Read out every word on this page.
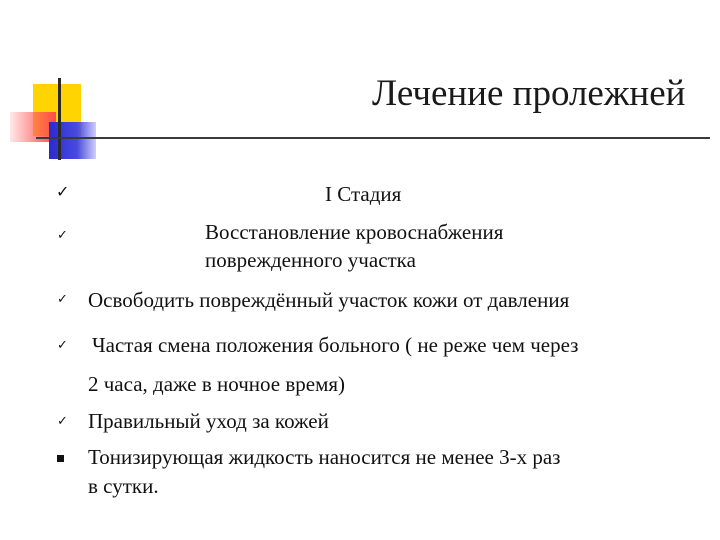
Лечение пролежней
✓	I Стадия
✓	Восстановление кровоснабжения
поврежденного участка
✓ Освободить повреждённый участок кожи от давления
✓ Частая смена положения больного ( не реже чем через
2 часа, даже в ночное время)
✓ Правильный уход за кожей
Тонизирующая жидкость наносится не менее 3-х раз
в сутки.
